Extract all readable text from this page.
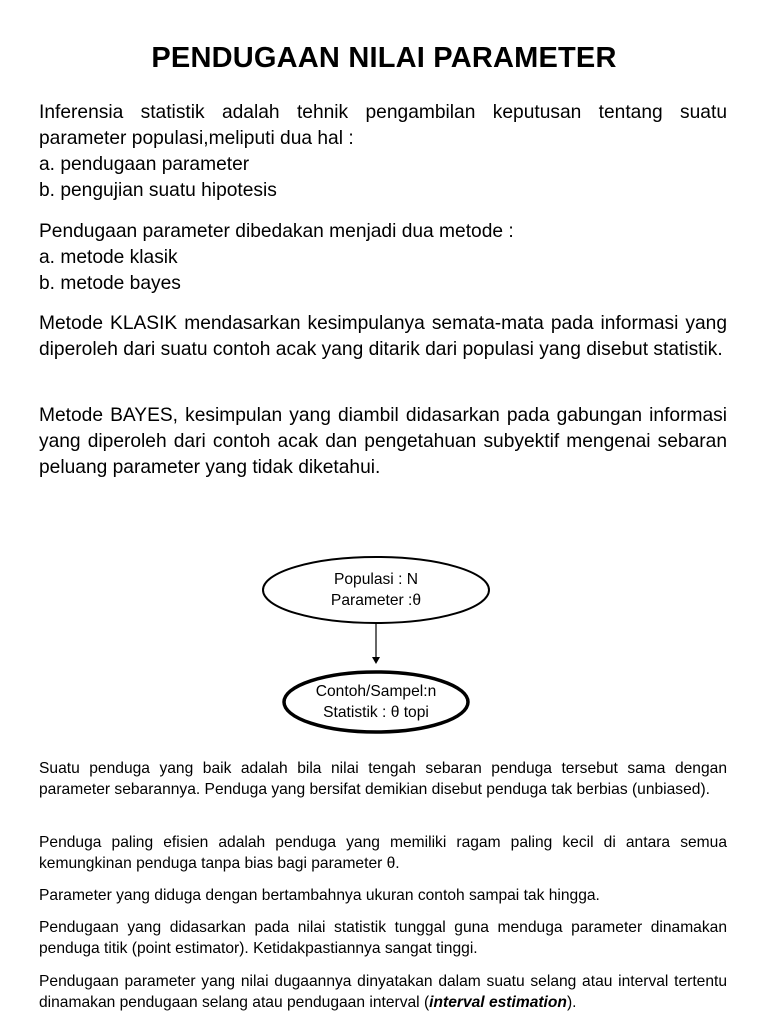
PENDUGAAN NILAI PARAMETER

Inferensia statistik adalah tehnik pengambilan keputusan tentang suatu parameter populasi,meliputi dua hal :
a. pendugaan parameter
b. pengujian suatu hipotesis

Pendugaan parameter dibedakan menjadi dua metode :
a. metode klasik
b. metode bayes

Metode KLASIK mendasarkan kesimpulanya semata-mata pada informasi yang diperoleh dari suatu contoh acak yang ditarik dari populasi yang disebut statistik.

Metode BAYES, kesimpulan yang diambil didasarkan pada gabungan informasi yang diperoleh dari contoh acak dan pengetahuan subyektif mengenai sebaran peluang parameter yang tidak diketahui.

Populasi : N
Parameter :θ
Contoh/Sampel:n
Statistik : θ topi

Suatu penduga yang baik adalah bila nilai tengah sebaran penduga tersebut sama dengan parameter sebarannya. Penduga yang bersifat demikian disebut penduga tak berbias (unbiased).

Penduga paling efisien adalah penduga yang memiliki ragam paling kecil di antara semua kemungkinan penduga tanpa bias bagi parameter θ.

Parameter yang diduga dengan bertambahnya ukuran contoh sampai tak hingga.

Pendugaan yang didasarkan pada nilai statistik tunggal guna menduga parameter dinamakan penduga titik (point estimator). Ketidakpastiannya sangat tinggi.

Pendugaan parameter yang nilai dugaannya dinyatakan dalam suatu selang atau interval tertentu dinamakan pendugaan selang atau pendugaan interval (interval estimation).
